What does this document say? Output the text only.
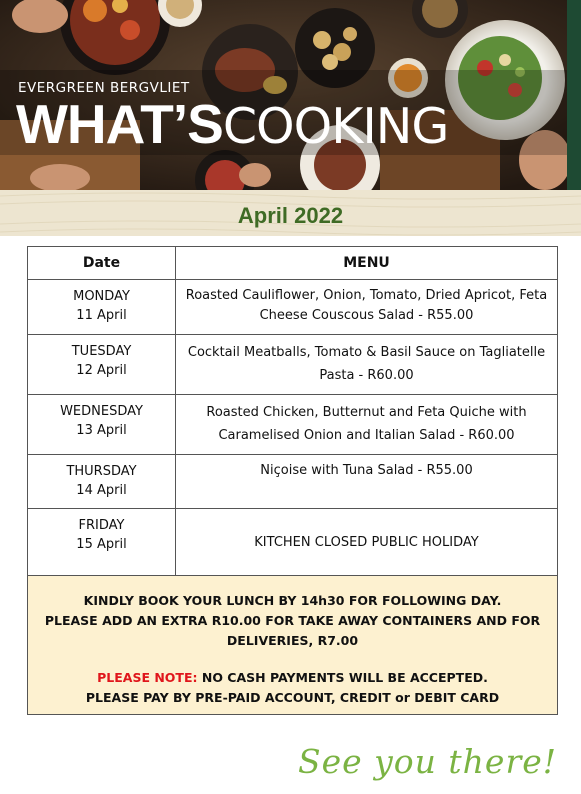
EVERGREEN BERGVLIET
WHAT’SCOOKING
April 2022
Date	MENU

MONDAY
11 April	Roasted Cauliflower, Onion, Tomato, Dried Apricot, Feta Cheese Couscous Salad - R55.00

TUESDAY
12 April	Cocktail Meatballs, Tomato & Basil Sauce on Tagliatelle Pasta - R60.00

WEDNESDAY
13 April	Roasted Chicken, Butternut and Feta Quiche with Caramelised Onion and Italian Salad - R60.00

THURSDAY
14 April	Niçoise with Tuna Salad - R55.00

FRIDAY
15 April	KITCHEN CLOSED PUBLIC HOLIDAY
KINDLY BOOK YOUR LUNCH BY 14h30 FOR FOLLOWING DAY.
PLEASE ADD AN EXTRA R10.00 FOR TAKE AWAY CONTAINERS AND FOR DELIVERIES, R7.00
PLEASE NOTE: NO CASH PAYMENTS WILL BE ACCEPTED.
PLEASE PAY BY PRE-PAID ACCOUNT, CREDIT or DEBIT CARD
See you there!
